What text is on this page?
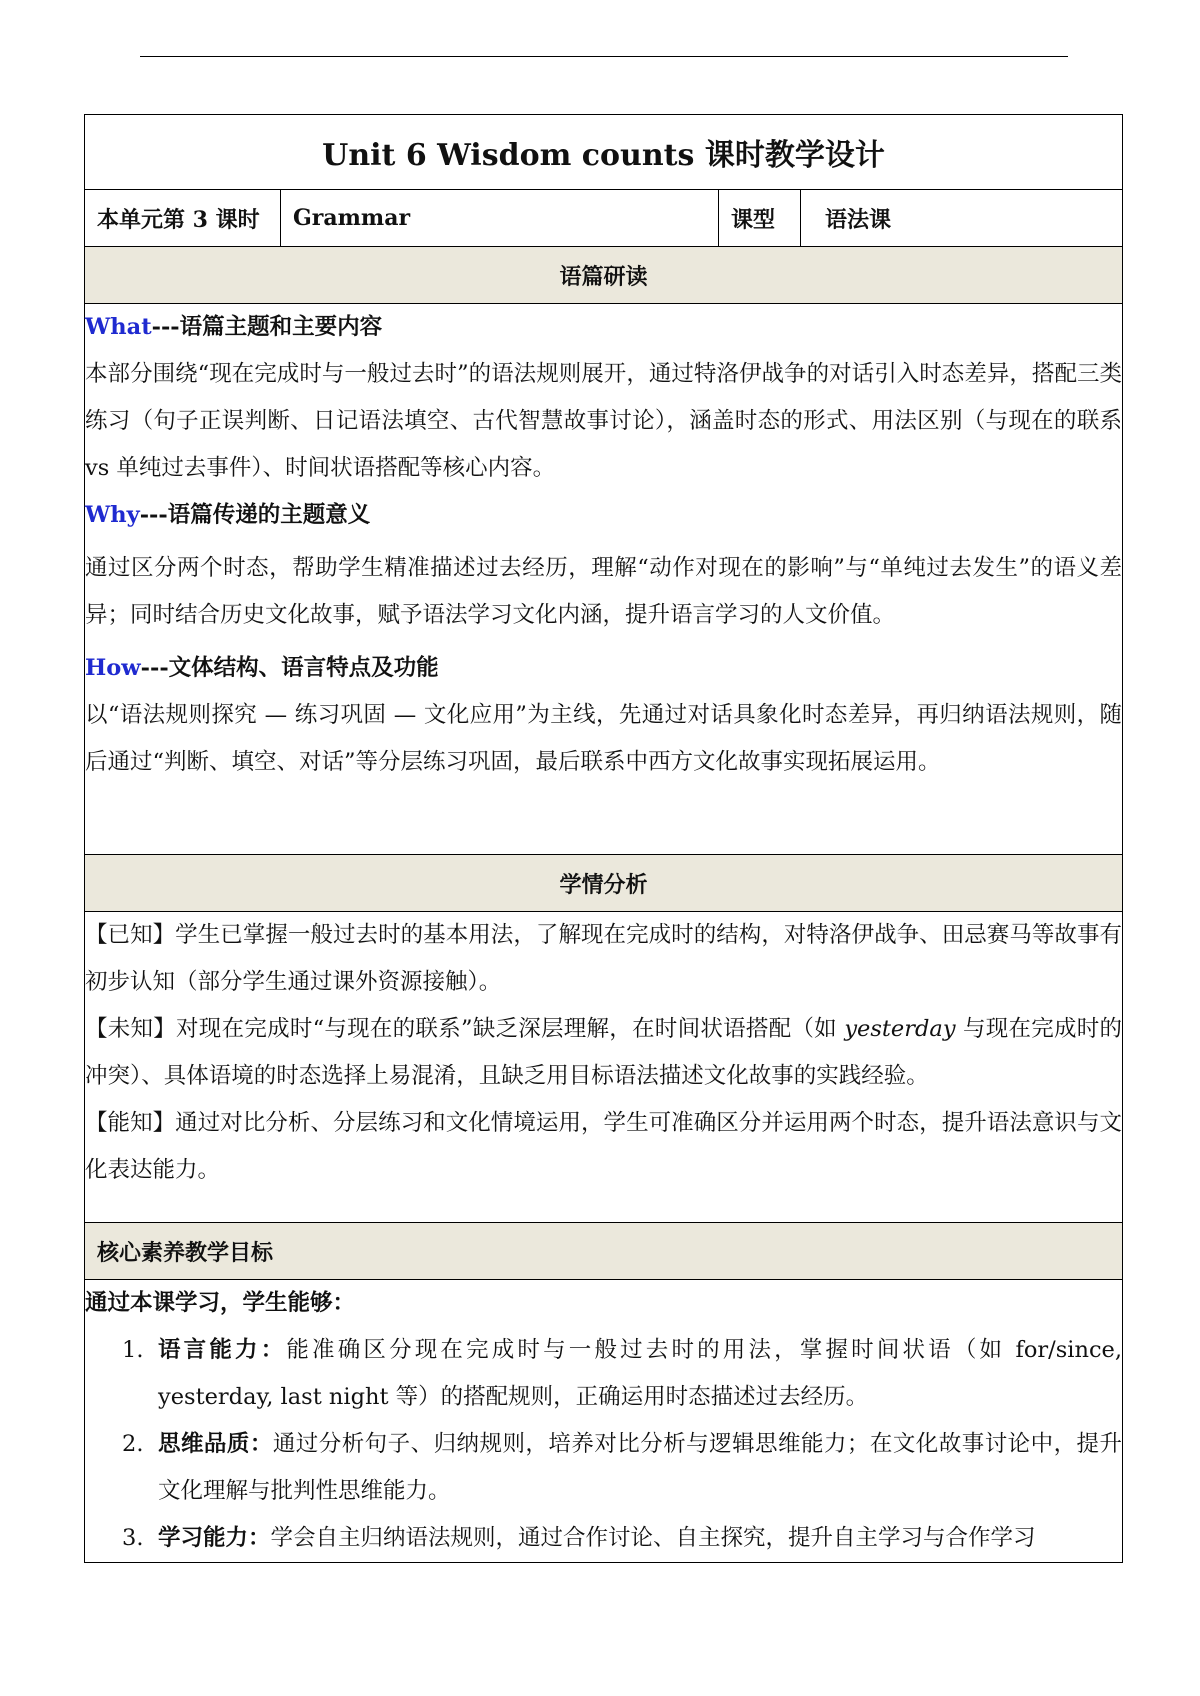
Unit 6 Wisdom counts 课时教学设计
本单元第 3 课时	Grammar	课型	语法课
语篇研读

What---语篇主题和主要内容

本部分围绕“现在完成时与一般过去时”的语法规则展开，通过特洛伊战争的对话引入时态差异，搭配三类练习（句子正误判断、日记语法填空、古代智慧故事讨论），涵盖时态的形式、用法区别（与现在的联系 vs 单纯过去事件）、时间状语搭配等核心内容。

Why---语篇传递的主题意义

通过区分两个时态，帮助学生精准描述过去经历，理解“动作对现在的影响”与“单纯过去发生”的语义差异；同时结合历史文化故事，赋予语法学习文化内涵，提升语言学习的人文价值。

How---文体结构、语言特点及功能

以“语法规则探究 — 练习巩固 — 文化应用”为主线，先通过对话具象化时态差异，再归纳语法规则，随后通过“判断、填空、对话”等分层练习巩固，最后联系中西方文化故事实现拓展运用。

学情分析

【已知】学生已掌握一般过去时的基本用法，了解现在完成时的结构，对特洛伊战争、田忌赛马等故事有初步认知（部分学生通过课外资源接触）。

【未知】对现在完成时“与现在的联系”缺乏深层理解，在时间状语搭配（如 yesterday 与现在完成时的冲突）、具体语境的时态选择上易混淆，且缺乏用目标语法描述文化故事的实践经验。

【能知】通过对比分析、分层练习和文化情境运用，学生可准确区分并运用两个时态，提升语法意识与文化表达能力。

核心素养教学目标

通过本课学习，学生能够：

1. 语言能力：能准确区分现在完成时与一般过去时的用法，掌握时间状语（如 for/since, yesterday, last night 等）的搭配规则，正确运用时态描述过去经历。
2. 思维品质：通过分析句子、归纳规则，培养对比分析与逻辑思维能力；在文化故事讨论中，提升文化理解与批判性思维能力。
3. 学习能力：学会自主归纳语法规则，通过合作讨论、自主探究，提升自主学习与合作学习
